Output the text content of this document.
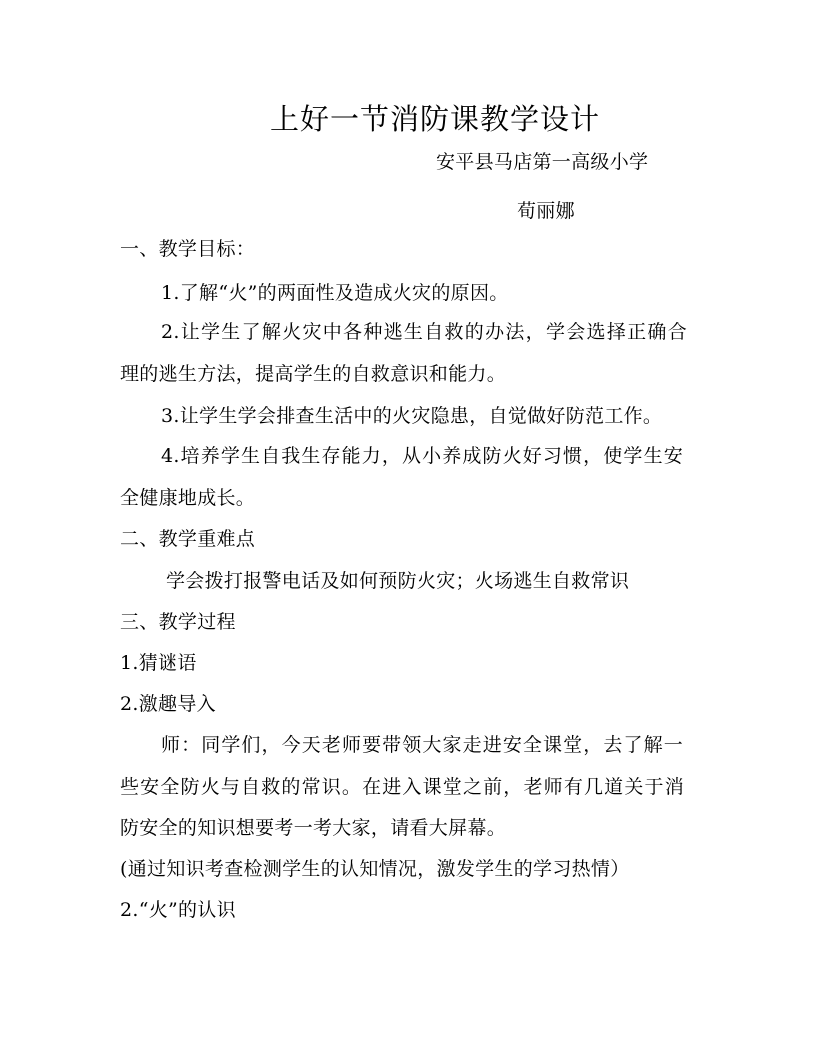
上好一节消防课教学设计
安平县马店第一高级小学
荀丽娜
一、教学目标：
1.了解“火”的两面性及造成火灾的原因。
2.让学生了解火灾中各种逃生自救的办法，学会选择正确合
理的逃生方法，提高学生的自救意识和能力。
3.让学生学会排查生活中的火灾隐患，自觉做好防范工作。
4.培养学生自我生存能力，从小养成防火好习惯，使学生安
全健康地成长。
二、教学重难点
学会拨打报警电话及如何预防火灾；火场逃生自救常识
三、教学过程
1.猜谜语
2.激趣导入
师：同学们，今天老师要带领大家走进安全课堂，去了解一
些安全防火与自救的常识。在进入课堂之前，老师有几道关于消
防安全的知识想要考一考大家，请看大屏幕。
(通过知识考查检测学生的认知情况，激发学生的学习热情）
2.“火”的认识
